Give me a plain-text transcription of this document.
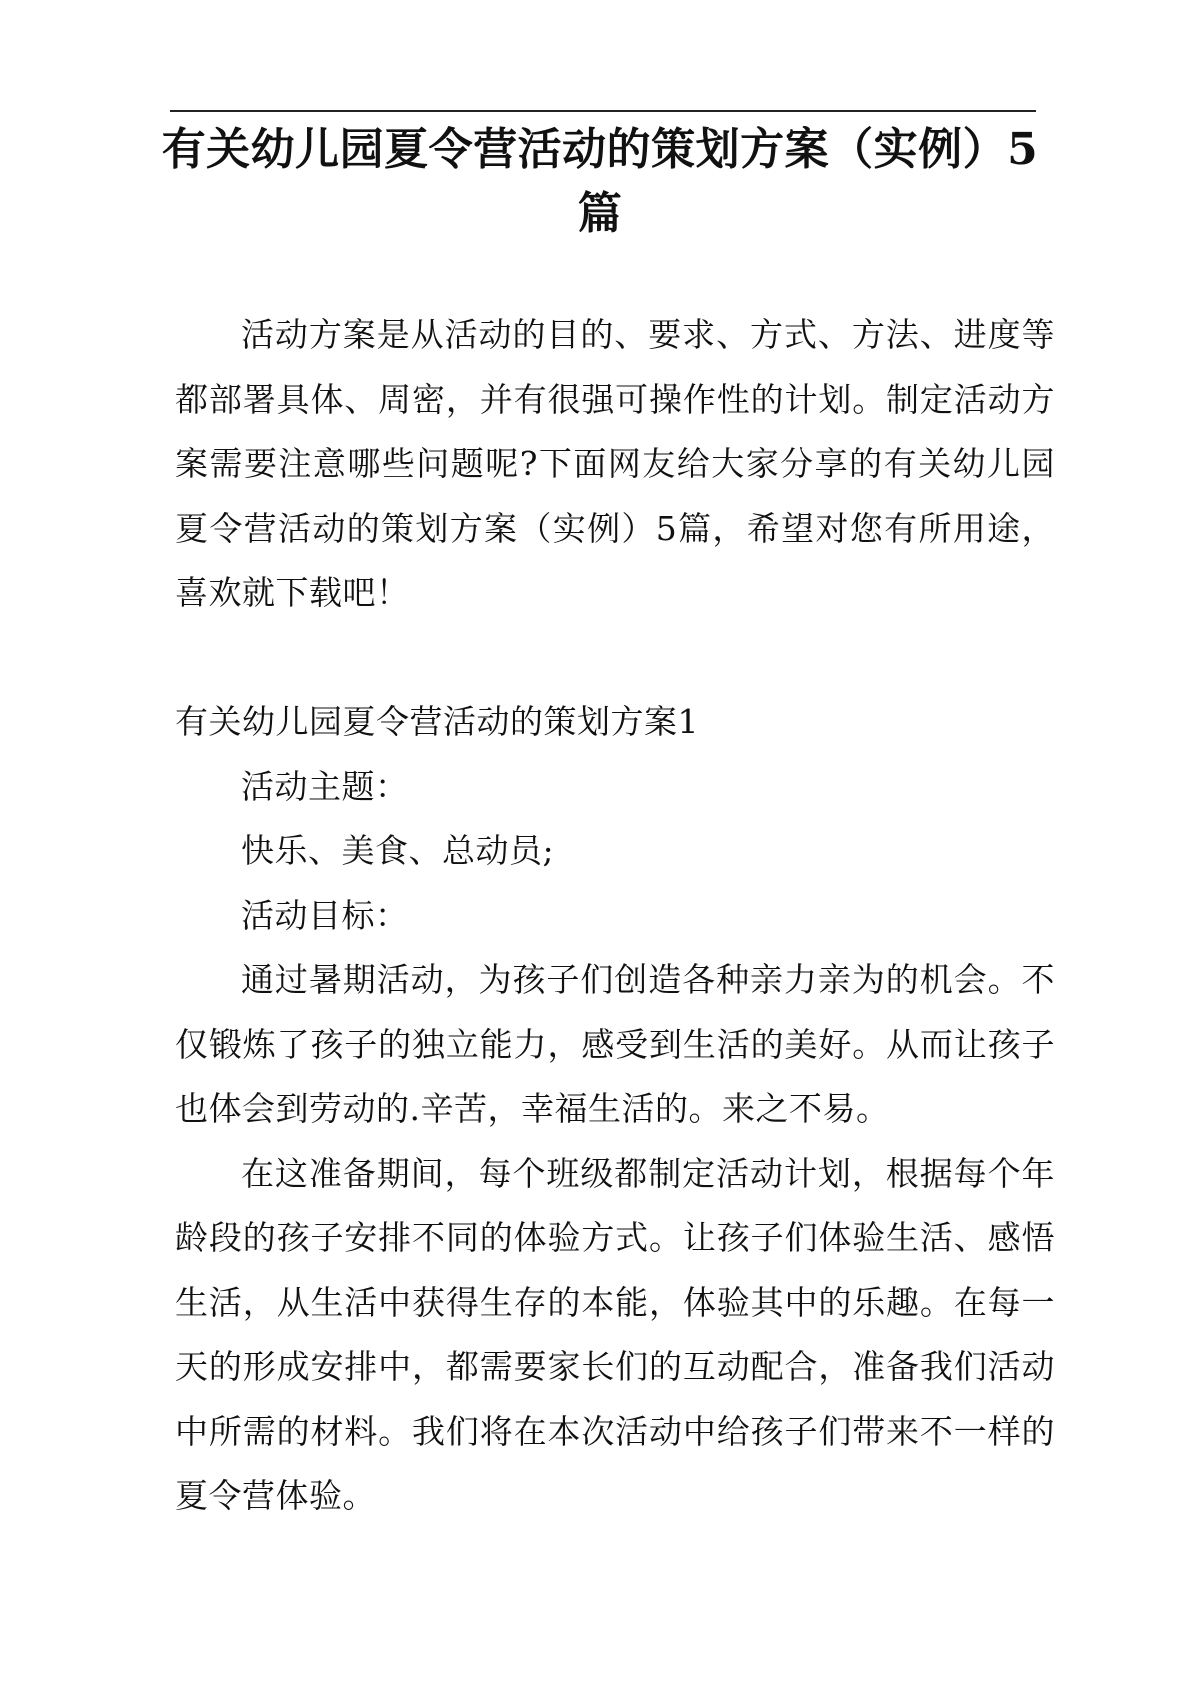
有关幼儿园夏令营活动的策划方案（实例）5篇

活动方案是从活动的目的、要求、方式、方法、进度等都部署具体、周密，并有很强可操作性的计划。制定活动方案需要注意哪些问题呢?下面网友给大家分享的有关幼儿园夏令营活动的策划方案（实例）5篇，希望对您有所用途，喜欢就下载吧！

有关幼儿园夏令营活动的策划方案1

活动主题：

快乐、美食、总动员;

活动目标：

通过暑期活动，为孩子们创造各种亲力亲为的机会。不仅锻炼了孩子的独立能力，感受到生活的美好。从而让孩子也体会到劳动的.辛苦，幸福生活的。来之不易。

在这准备期间，每个班级都制定活动计划，根据每个年龄段的孩子安排不同的体验方式。让孩子们体验生活、感悟生活，从生活中获得生存的本能，体验其中的乐趣。在每一天的形成安排中，都需要家长们的互动配合，准备我们活动中所需的材料。我们将在本次活动中给孩子们带来不一样的夏令营体验。
